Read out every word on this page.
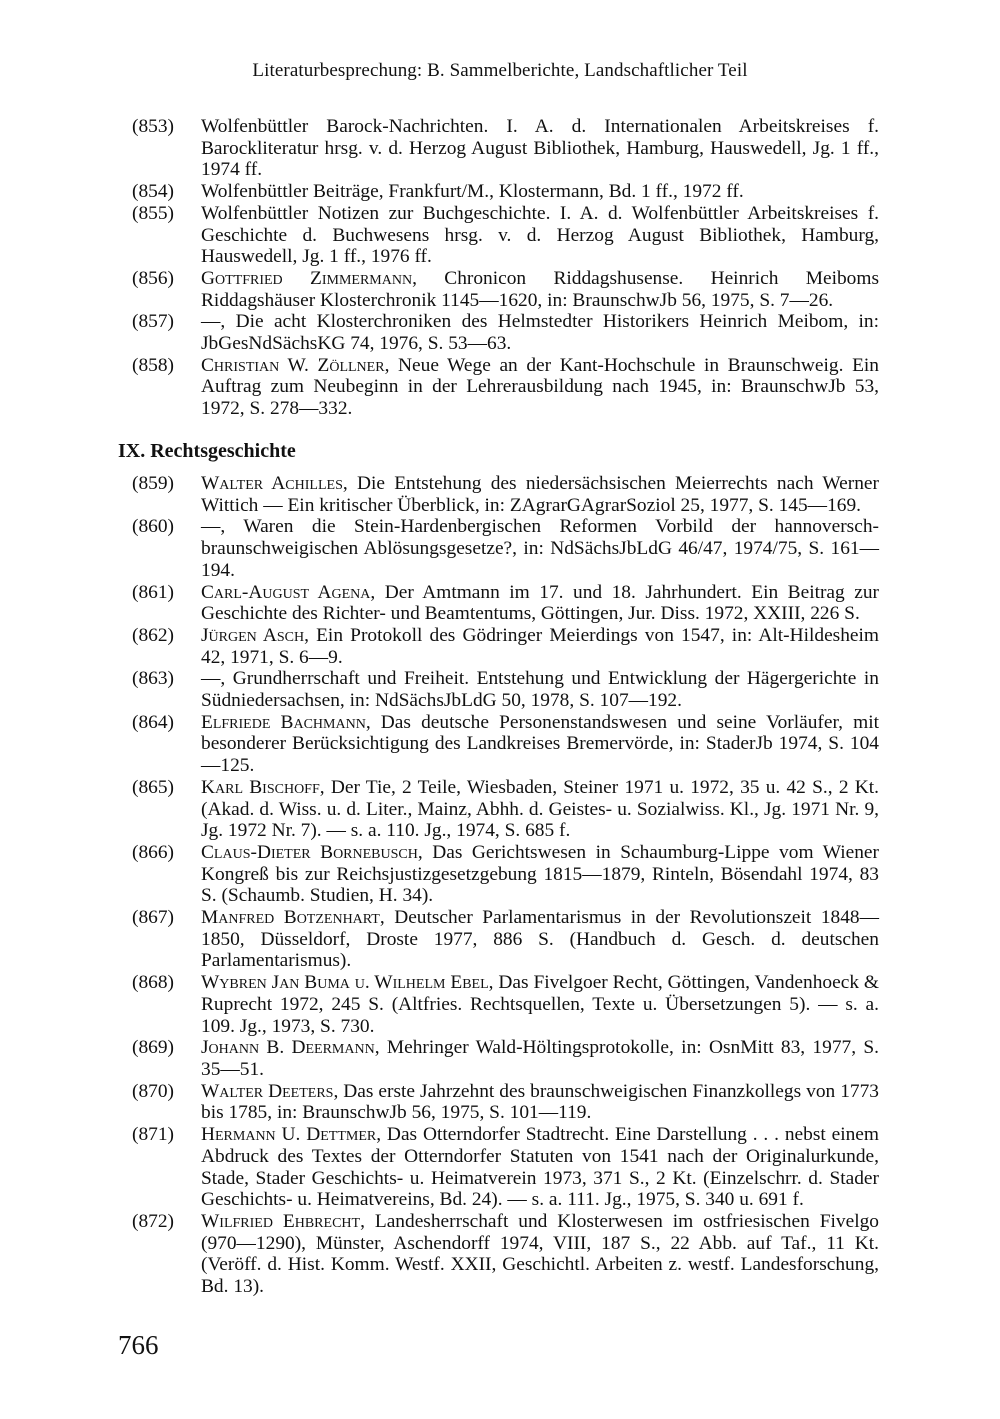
Literaturbesprechung: B. Sammelberichte, Landschaftlicher Teil
(853) Wolfenbüttler Barock-Nachrichten. I. A. d. Internationalen Arbeitskreises f. Barockliteratur hrsg. v. d. Herzog August Bibliothek, Hamburg, Hauswedell, Jg. 1 ff., 1974 ff.
(854) Wolfenbüttler Beiträge, Frankfurt/M., Klostermann, Bd. 1 ff., 1972 ff.
(855) Wolfenbüttler Notizen zur Buchgeschichte. I. A. d. Wolfenbüttler Arbeitskreises f. Geschichte d. Buchwesens hrsg. v. d. Herzog August Bibliothek, Hamburg, Hauswedell, Jg. 1 ff., 1976 ff.
(856) Gottfried Zimmermann, Chronicon Riddagshusense. Heinrich Meiboms Riddagshäuser Klosterchronik 1145—1620, in: BraunschwJb 56, 1975, S. 7—26.
(857) —, Die acht Klosterchroniken des Helmstedter Historikers Heinrich Meibom, in: JbGesNdSächsKG 74, 1976, S. 53—63.
(858) Christian W. Zöllner, Neue Wege an der Kant-Hochschule in Braunschweig. Ein Auftrag zum Neubeginn in der Lehrerausbildung nach 1945, in: BraunschwJb 53, 1972, S. 278—332.
IX. Rechtsgeschichte
(859) Walter Achilles, Die Entstehung des niedersächsischen Meierrechts nach Werner Wittich — Ein kritischer Überblick, in: ZAgrarGAgrarSoziol 25, 1977, S. 145—169.
(860) —, Waren die Stein-Hardenbergischen Reformen Vorbild der hannoversch-braunschweigischen Ablösungsgesetze?, in: NdSächsJbLdG 46/47, 1974/75, S. 161—194.
(861) Carl-August Agena, Der Amtmann im 17. und 18. Jahrhundert. Ein Beitrag zur Geschichte des Richter- und Beamtentums, Göttingen, Jur. Diss. 1972, XXIII, 226 S.
(862) Jürgen Asch, Ein Protokoll des Gödringer Meierdings von 1547, in: Alt-Hildesheim 42, 1971, S. 6—9.
(863) —, Grundherrschaft und Freiheit. Entstehung und Entwicklung der Hägergerichte in Südniedersachsen, in: NdSächsJbLdG 50, 1978, S. 107—192.
(864) Elfriede Bachmann, Das deutsche Personenstandswesen und seine Vorläufer, mit besonderer Berücksichtigung des Landkreises Bremervörde, in: StaderJb 1974, S. 104—125.
(865) Karl Bischoff, Der Tie, 2 Teile, Wiesbaden, Steiner 1971 u. 1972, 35 u. 42 S., 2 Kt. (Akad. d. Wiss. u. d. Liter., Mainz, Abhh. d. Geistes- u. Sozialwiss. Kl., Jg. 1971 Nr. 9, Jg. 1972 Nr. 7). — s. a. 110. Jg., 1974, S. 685 f.
(866) Claus-Dieter Bornebusch, Das Gerichtswesen in Schaumburg-Lippe vom Wiener Kongreß bis zur Reichsjustizgesetzgebung 1815—1879, Rinteln, Bösendahl 1974, 83 S. (Schaumb. Studien, H. 34).
(867) Manfred Botzenhart, Deutscher Parlamentarismus in der Revolutionszeit 1848—1850, Düsseldorf, Droste 1977, 886 S. (Handbuch d. Gesch. d. deutschen Parlamentarismus).
(868) Wybren Jan Buma u. Wilhelm Ebel, Das Fivelgoer Recht, Göttingen, Vandenhoeck & Ruprecht 1972, 245 S. (Altfries. Rechtsquellen, Texte u. Übersetzungen 5). — s. a. 109. Jg., 1973, S. 730.
(869) Johann B. Deermann, Mehringer Wald-Höltingsprotokolle, in: OsnMitt 83, 1977, S. 35—51.
(870) Walter Deeters, Das erste Jahrzehnt des braunschweigischen Finanzkollegs von 1773 bis 1785, in: BraunschwJb 56, 1975, S. 101—119.
(871) Hermann U. Dettmer, Das Otterndorfer Stadtrecht. Eine Darstellung . . . nebst einem Abdruck des Textes der Otterndorfer Statuten von 1541 nach der Originalurkunde, Stade, Stader Geschichts- u. Heimatverein 1973, 371 S., 2 Kt. (Einzelschrr. d. Stader Geschichts- u. Heimatvereins, Bd. 24). — s. a. 111. Jg., 1975, S. 340 u. 691 f.
(872) Wilfried Ehbrecht, Landesherrschaft und Klosterwesen im ostfriesischen Fivelgo (970—1290), Münster, Aschendorff 1974, VIII, 187 S., 22 Abb. auf Taf., 11 Kt. (Veröff. d. Hist. Komm. Westf. XXII, Geschichtl. Arbeiten z. westf. Landesforschung, Bd. 13).
766
